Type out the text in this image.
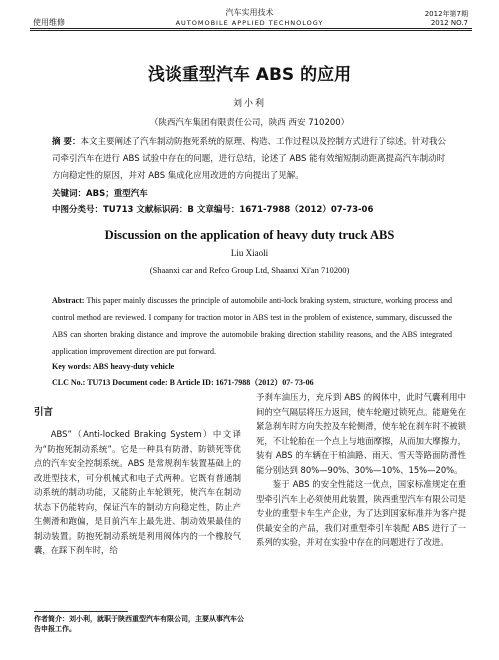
使用维修
汽车实用技术
AUTOMOBILE APPLIED TECHNOLOGY
2012年第7期
2012 NO.7
浅谈重型汽车 ABS 的应用
刘小利
（陕西汽车集团有限责任公司，陕西 西安 710200）
摘 要：本文主要阐述了汽车制动防抱死系统的原理、构造、工作过程以及控制方式进行了综述。针对我公司牵引汽车在进行 ABS 试验中存在的问题，进行总结，论述了 ABS 能有效缩短制动距离提高汽车制动时方向稳定性的原因，并对 ABS 集成化应用改进的方向提出了见解。
关键词：ABS；重型汽车
中图分类号：TU713 文献标识码：B 文章编号：1671-7988（2012）07-73-06
Discussion on the application of heavy duty truck ABS
Liu Xiaoli
(Shaanxi car and Refco Group Ltd, Shaanxi Xi'an 710200)
Abstract: This paper mainly discusses the principle of automobile anti-lock braking system, structure, working process and control method are reviewed. I company for traction motor in ABS test in the problem of existence, summary, discussed the ABS can shorten braking distance and improve the automobile braking direction stability reasons, and the ABS integrated application improvement direction are put forward.
Key words: ABS heavy-duty vehicle
CLC No.: TU713 Document code: B Article ID: 1671-7988（2012）07- 73-06
引言

ABS”（Anti-locked Braking System）中文译为“防抱死制动系统”。它是一种具有防滑、防锁死等优点的汽车安全控制系统。ABS 是常规刹车装置基础上的改进型技术，可分机械式和电子式两种。它既有普通制动系统的制动功能，又能防止车轮锁死，使汽车在制动状态下仍能转向，保证汽车的制动方向稳定性，防止产生侧滑和跑偏，是目前汽车上最先进、制动效果最佳的制动装置。防抱死制动系统是利用阀体内的一个橡胶气囊，在踩下刹车时，给

予刹车油压力，充斥到 ABS 的阀体中，此时气囊利用中间的空气隔层将压力返回，使车轮避过锁死点。能避免在紧急刹车时方向失控及车轮侧滑，使车轮在刹车时不被锁死，不让轮胎在一个点上与地面摩擦，从而加大摩擦力，装有 ABS 的车辆在干柏油路、雨天、雪天等路面防滑性能分别达到 80%—90%、30%—10%、15%—20%。

鉴于 ABS 的安全性能这一优点，国家标准规定在重型牵引汽车上必须使用此装置，陕西重型汽车有限公司是专业的重型卡车生产企业，为了达到国家标准并为客户提供最安全的产品，我们对重型牵引车装配 ABS 进行了一系列的实验，并对在实验中存在的问题进行了改进。

作者简介：刘小利，就职于陕西重型汽车有限公司，主要从事汽车公告申报工作。
